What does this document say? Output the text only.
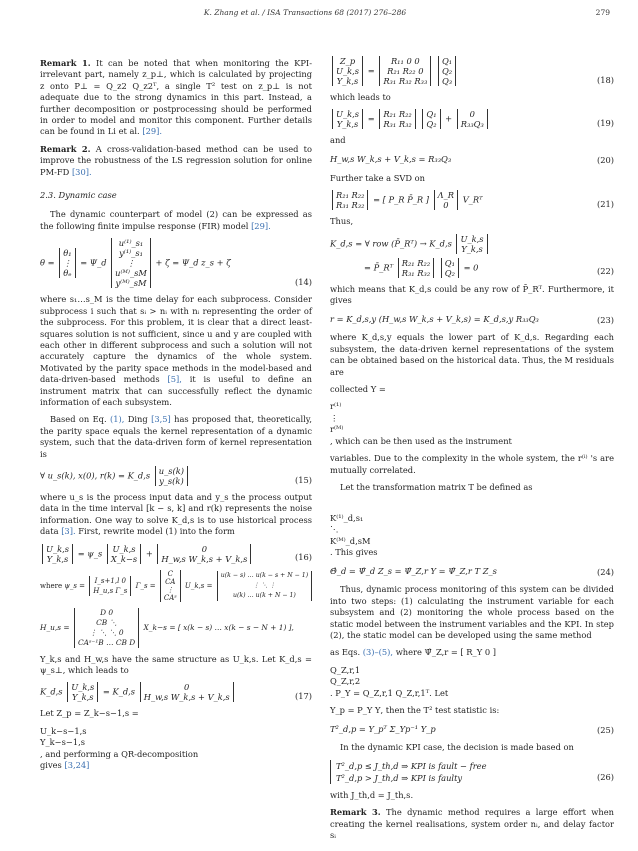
K. Zhang et al. / ISA Transactions 68 (2017) 276–286	279

Remark 1. It can be noted that when monitoring the KPI-irrelevant part, namely z_p⊥, which is calculated by projecting z onto P⊥ = Q_z2 Q_z2ᵀ, a single T² test on z_p⊥ is not adequate due to the strong dynamics in this part. Instead, a further decomposition or postprocessing should be performed in order to model and monitor this component. Further details can be found in Li et al. [29].

Remark 2. A cross-validation-based method can be used to improve the robustness of the LS regression solution for online PM-FD [30].

2.3. Dynamic case

The dynamic counterpart of model (2) can be expressed as the following finite impulse response (FIR) model [29].

θ =
θ₁
⋮
θₑ
= Ψ_d
u⁽¹⁾_s₁
y⁽¹⁾_s₁
⋮
u⁽ᴹ⁾_sM
y⁽ᴹ⁾_sM
+ ζ = Ψ_d z_s + ζ
(14)

where s₁…s_M is the time delay for each subprocess. Consider subprocess i such that sᵢ > nᵢ with nᵢ representing the order of the subprocess. For this problem, it is clear that a direct least-squares solution is not sufficient, since u and y are coupled with each other in different subprocess and such a solution will not accurately capture the dynamics of the whole system. Motivated by the parity space methods in the model-based and data-driven-based methods [5], it is useful to define an instrument matrix that can successfully reflect the dynamic information of each subsystem.

Based on Eq. (1), Ding [3,5] has proposed that, theoretically, the parity space equals the kernel representation of a dynamic system, such that the data-driven form of kernel representation is

∀ u_s(k), x(0), r(k) = K_d,s u_s(k)
y_s(k)	(15)

where u_s is the process input data and y_s the process output data in the time interval [k − s, k] and r(k) represents the noise information. One way to solve K_d,s is to use historical process data [3]. First, rewrite model (1) into the form

U_k,s
Y_k,s
= ψ_s U_k,s
X_k−s
+	0
H_w,s W_k,s + V_k,s	(16)
where ψ_s =
I_s+1,l 0
H_u,s Γ_s
Γ_s =
C
CA
⋮
CAˢ
U_k,s =
u(k − s) … u(k − s + N − 1)
⋮ ⋱ ⋮
u(k) … u(k + N − 1)
H_u,s =
D 0
CB ⋱
⋮ ⋱ ⋱ 0
CAˢ⁻¹B … CB D
X_k−s = [ x(k − s) … x(k − s − N + 1) ],

Y_k,s and H_w,s have the same structure as U_k,s. Let K_d,s = ψ_s⊥, which leads to

K_d,s U_k,s
Y_k,s
= K_d,s	0
H_w,s W_k,s + V_k,s	(17)

Let Z_p = Z_k−s−1,s =

U_k−s−1,s
Y_k−s−1,s
, and performing a QR-decomposition
gives [3,24]

Z_p
U_k,s
Y_k,s
=
R₁₁ 0 0
R₂₁ R₂₂ 0
R₃₁ R₃₂ R₃₃

Q₁
Q₂
Q₃	(18)

which leads to

U_k,s
Y_k,s
= R₂₁ R₂₂
R₃₁ R₃₂

Q₁
Q₂
+	0
R₃₃Q₃	(19)

and

H_w,s W_k,s + V_k,s = R₃₃Q₃	(20)

Further take a SVD on

R₂₁ R₂₂
R₃₁ R₃₂
= [ P_R P̄_R ] Λ_R
0
V_Rᵀ	(21)

Thus,

K_d,s = ∀ row (P̄_Rᵀ) → K_d,s U_k,s
Y_k,s
= P̄_Rᵀ R₂₁ R₂₂
R₃₁ R₃₂

Q₁
Q₂
= 0	(22)

which means that K_d,s could be any row of P̄_Rᵀ. Furthermore, it gives

r = K_d,s,y (H_w,s W_k,s + V_k,s) = K_d,s,y R₃₃Q₃	(23)

where K_d,s,y equals the lower part of K_d,s. Regarding each subsystem, the data-driven kernel representations of the system can be obtained based on the historical data. Thus, the M residuals are

collected Υ =

r⁽¹⁾
⋮
r⁽ᴹ⁾
, which can be then used as the instrument

variables. Due to the complexity in the whole system, the r⁽ⁱ⁾ 's are mutually correlated.

Let the transformation matrix T be defined as

K⁽¹⁾_d,s₁
⋱
K⁽ᴹ⁾_d,sM
. This gives

Θ̂_d = Ψ̂_d Z_s = Ψ̂_Z,r Υ = Ψ̂_Z,r T Z_s	(24)

Thus, dynamic process monitoring of this system can be divided into two steps: (1) calculating the instrument variable for each subsystem and (2) monitoring the whole process based on the static model between the instrument variables and the KPI. In step (2), the static model can be developed using the same method

as Eqs. (3)–(5), where Ψ̂_Z,r = [ R_Υ 0 ]

Q_Z,r,1
Q_Z,r,2
. P_Υ = Q_Z,r,1 Q_Z,r,1ᵀ. Let

Υ_p = P_Υ Υ, then the T² test statistic is:

T²_d,p = Υ_pᵀ Σ_Υp⁻¹ Υ_p	(25)

In the dynamic KPI case, the decision is made based on

T²_d,p ≤ J_th,d ⇒ KPI is fault − free
T²_d,p > J_th,d ⇒ KPI is faulty	(26)

with J_th,d = J_th,s.

Remark 3. The dynamic method requires a large effort when creating the kernel realisations, system order nᵢ, and delay factor sᵢ
